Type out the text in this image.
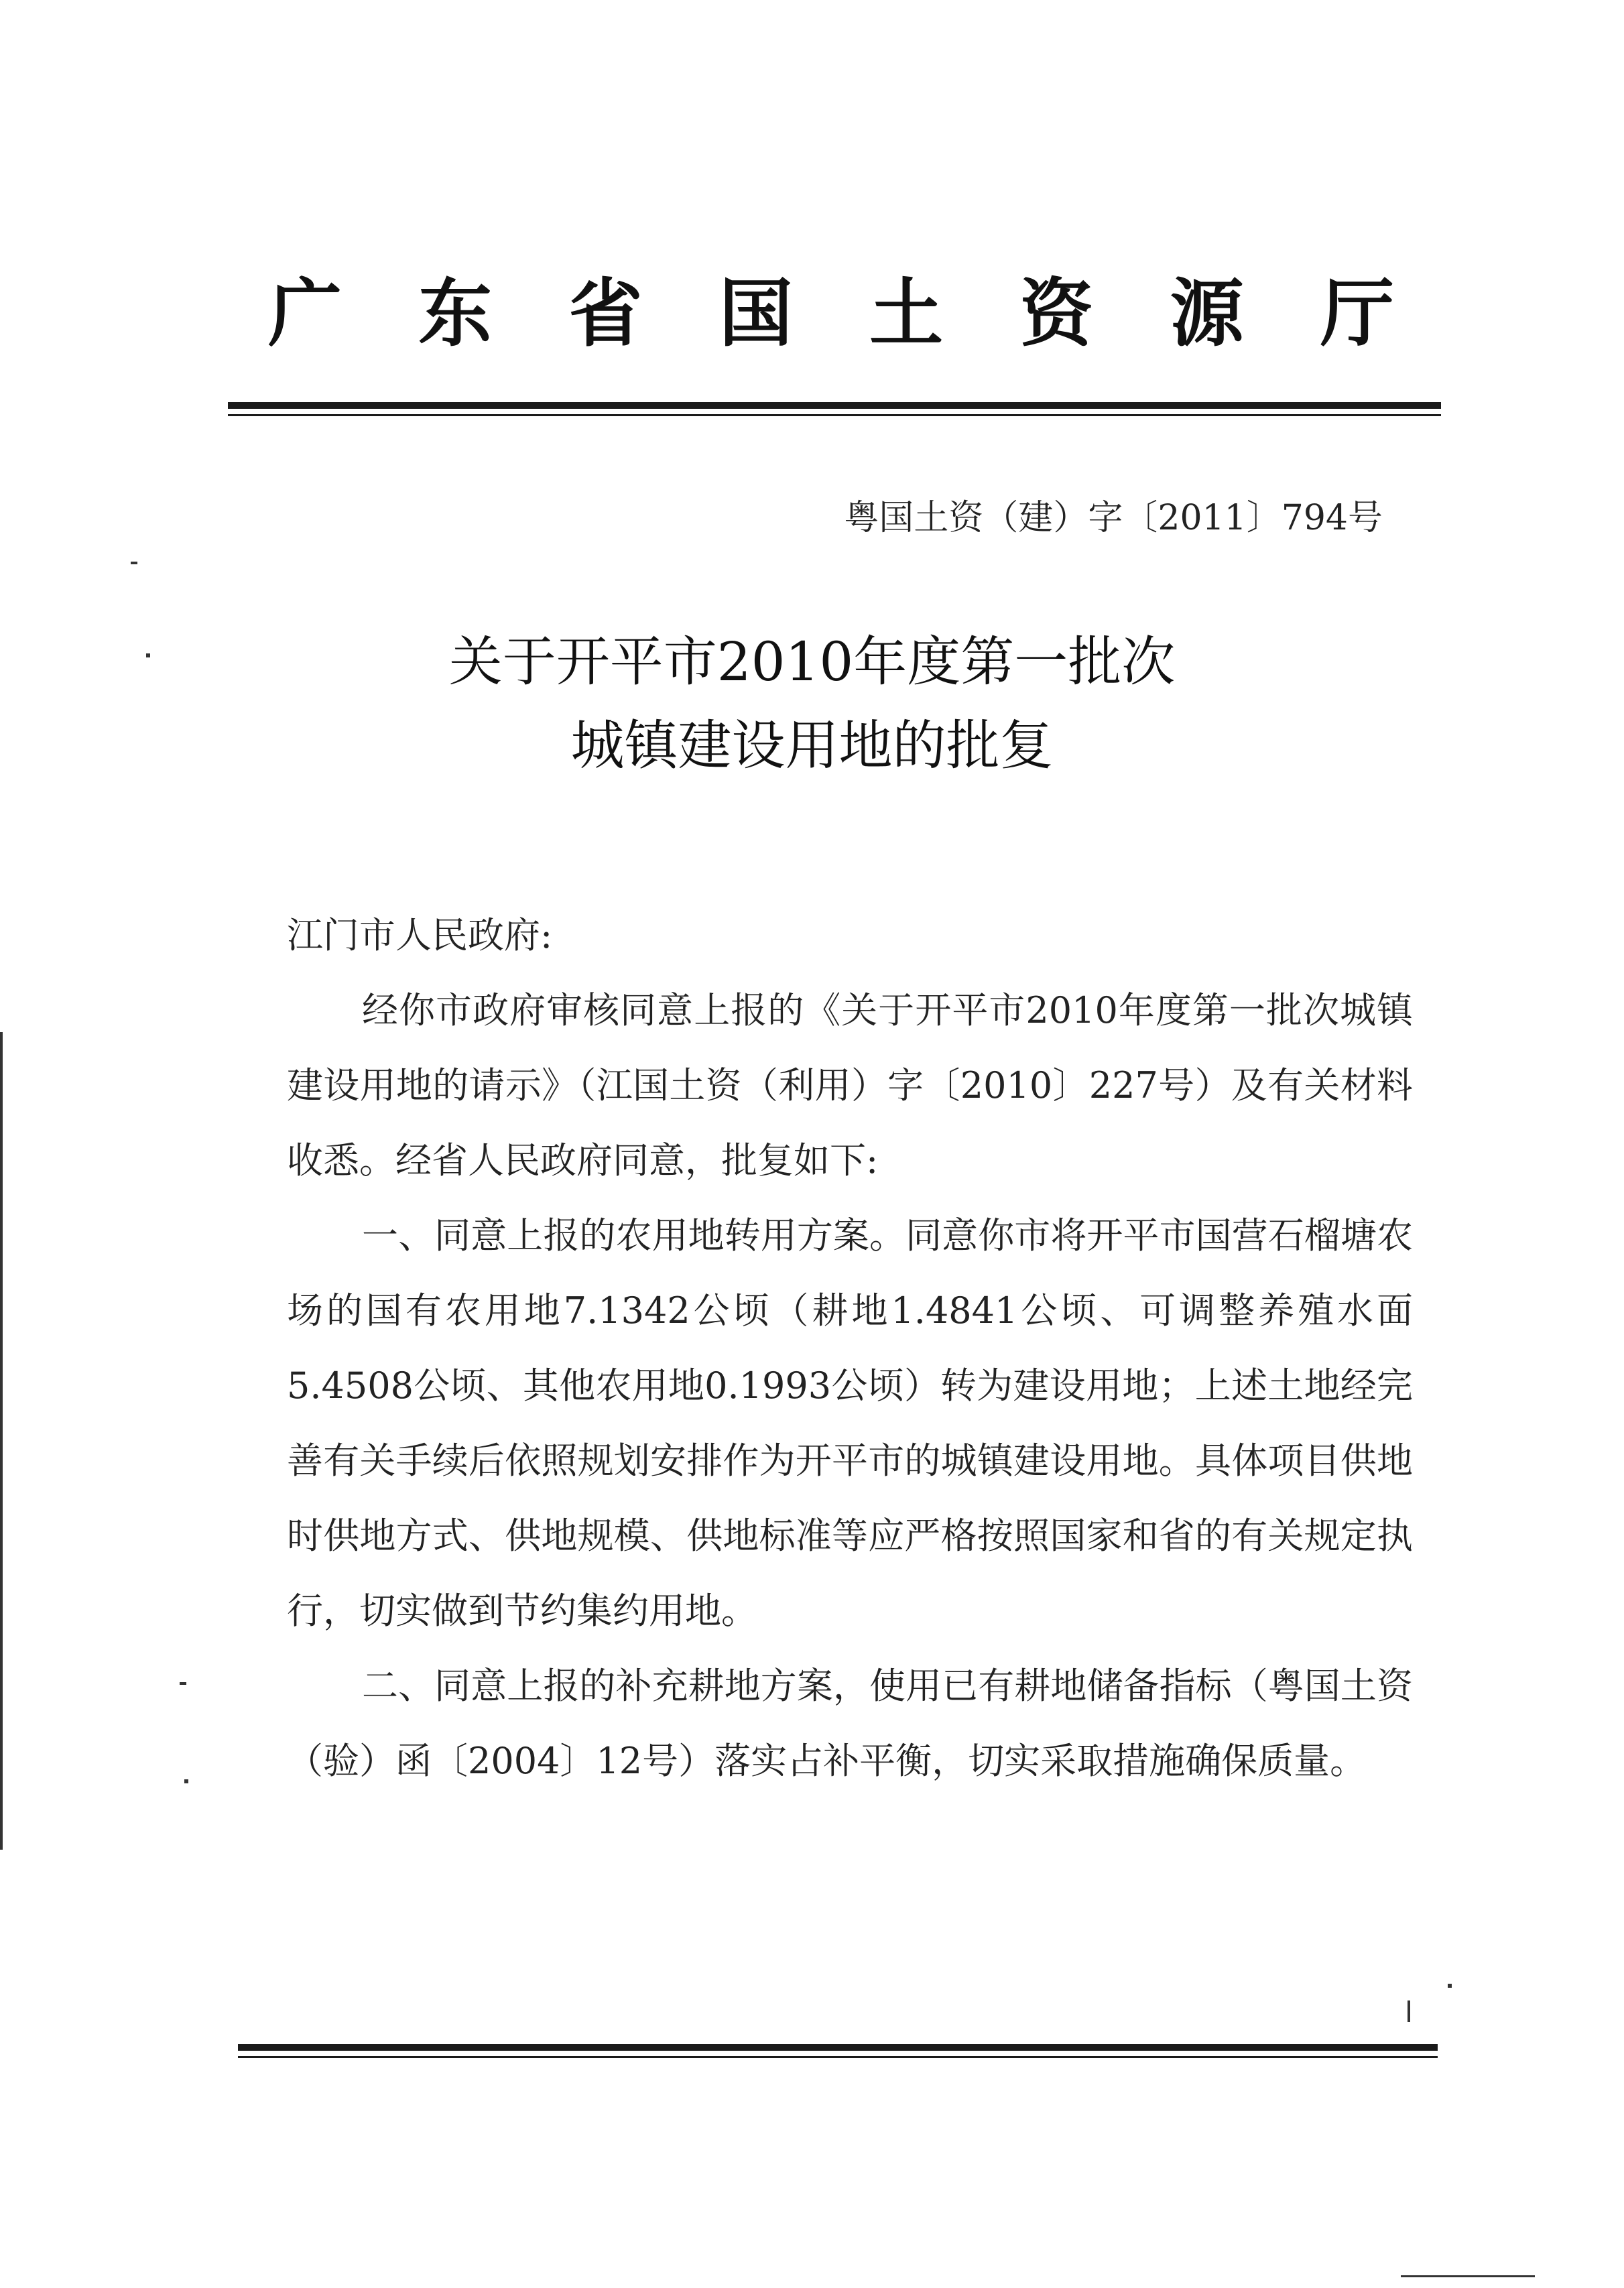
广 东 省 国 土 资 源 厅
粤国土资（建）字〔2011〕794号
关于开平市2010年度第一批次
城镇建设用地的批复

江门市人民政府:

经你市政府审核同意上报的《关于开平市2010年度第一批次城镇建设用地的请示》（江国土资（利用）字〔2010〕227号）及有关材料收悉。经省人民政府同意，批复如下:

一、同意上报的农用地转用方案。同意你市将开平市国营石榴塘农场的国有农用地7.1342公顷（耕地1.4841公顷、可调整养殖水面5.4508公顷、其他农用地0.1993公顷）转为建设用地；上述土地经完善有关手续后依照规划安排作为开平市的城镇建设用地。具体项目供地时供地方式、供地规模、供地标准等应严格按照国家和省的有关规定执行，切实做到节约集约用地。

二、同意上报的补充耕地方案，使用已有耕地储备指标（粤国土资（验）函〔2004〕12号）落实占补平衡，切实采取措施确保质量。
